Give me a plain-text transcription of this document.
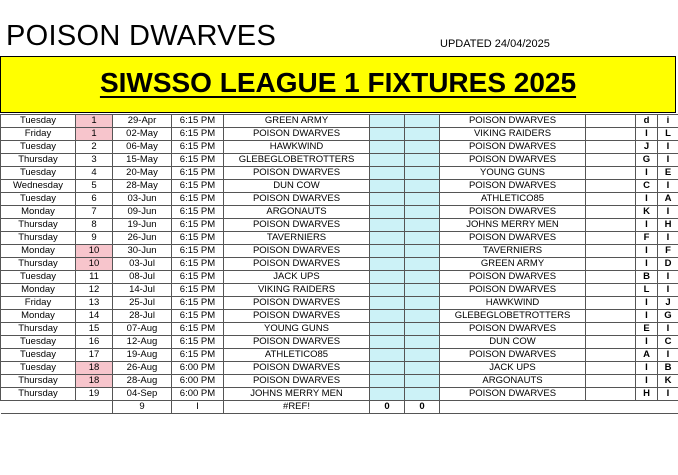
POISON DWARVES	UPDATED 24/04/2025
SIWSSO LEAGUE 1 FIXTURES 2025
Tuesday	1	29-Apr	6:15 PM	GREEN ARMY			POISON DWARVES		d	i
Friday	1	02-May	6:15 PM	POISON DWARVES			VIKING RAIDERS		I	L
Tuesday	2	06-May	6:15 PM	HAWKWIND			POISON DWARVES		J	I
Thursday	3	15-May	6:15 PM	GLEBEGLOBETROTTERS			POISON DWARVES		G	I
Tuesday	4	20-May	6:15 PM	POISON DWARVES			YOUNG GUNS		I	E
Wednesday	5	28-May	6:15 PM	DUN COW			POISON DWARVES		C	I
Tuesday	6	03-Jun	6:15 PM	POISON DWARVES			ATHLETICO85		I	A
Monday	7	09-Jun	6:15 PM	ARGONAUTS			POISON DWARVES		K	I
Thursday	8	19-Jun	6:15 PM	POISON DWARVES			JOHNS MERRY MEN		I	H
Thursday	9	26-Jun	6:15 PM	TAVERNIERS			POISON DWARVES		F	I
Monday	10	30-Jun	6:15 PM	POISON DWARVES			TAVERNIERS		I	F
Thursday	10	03-Jul	6:15 PM	POISON DWARVES			GREEN ARMY		I	D
Tuesday	11	08-Jul	6:15 PM	JACK UPS			POISON DWARVES		B	I
Monday	12	14-Jul	6:15 PM	VIKING RAIDERS			POISON DWARVES		L	I
Friday	13	25-Jul	6:15 PM	POISON DWARVES			HAWKWIND		I	J
Monday	14	28-Jul	6:15 PM	POISON DWARVES			GLEBEGLOBETROTTERS		I	G
Thursday	15	07-Aug	6:15 PM	YOUNG GUNS			POISON DWARVES		E	I
Tuesday	16	12-Aug	6:15 PM	POISON DWARVES			DUN COW		I	C
Tuesday	17	19-Aug	6:15 PM	ATHLETICO85			POISON DWARVES		A	I
Tuesday	18	26-Aug	6:00 PM	POISON DWARVES			JACK UPS		I	B
Thursday	18	28-Aug	6:00 PM	POISON DWARVES			ARGONAUTS		I	K
Thursday	19	04-Sep	6:00 PM	JOHNS MERRY MEN			POISON DWARVES		H	I
		9	I	#REF!	0	0				
